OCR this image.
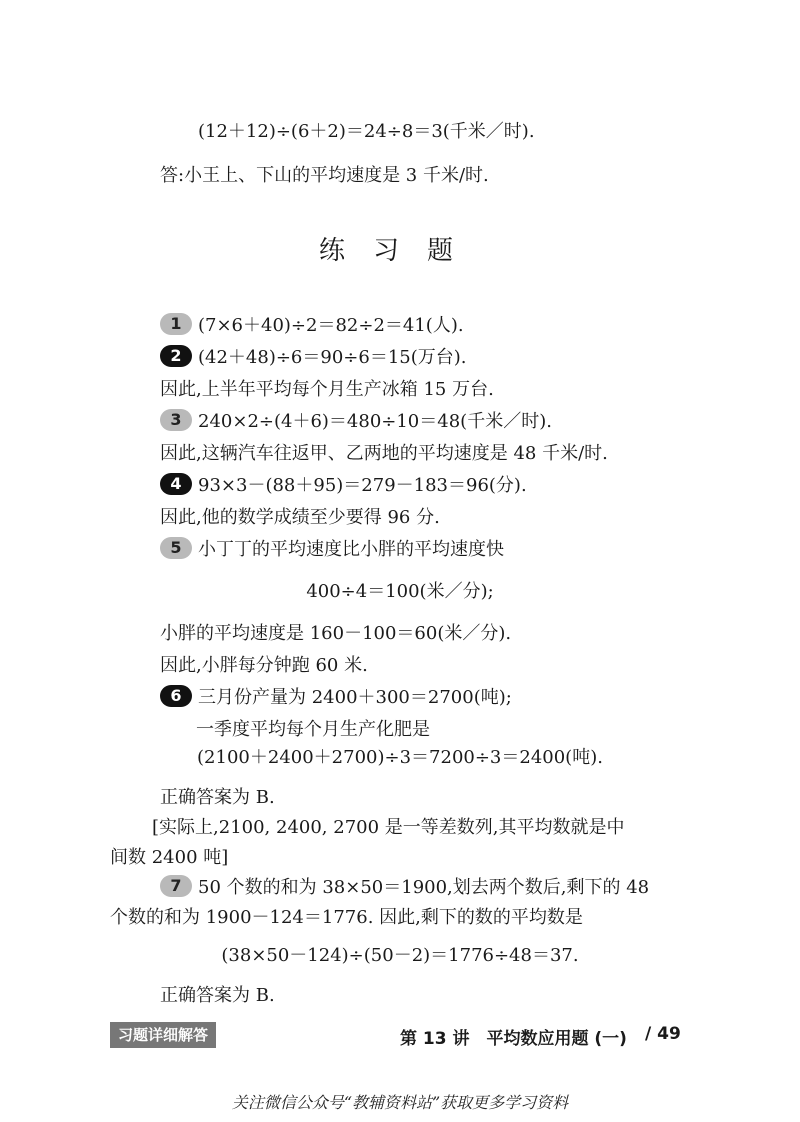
(12＋12)÷(6＋2)＝24÷8＝3(千米／时).
答:小王上、下山的平均速度是 3 千米/时.
练习题
1 (7×6＋40)÷2＝82÷2＝41(人).
2 (42＋48)÷6＝90÷6＝15(万台).
因此,上半年平均每个月生产冰箱 15 万台.
3 240×2÷(4＋6)＝480÷10＝48(千米／时).
因此,这辆汽车往返甲、乙两地的平均速度是 48 千米/时.
4 93×3－(88＋95)＝279－183＝96(分).
因此,他的数学成绩至少要得 96 分.
5 小丁丁的平均速度比小胖的平均速度快
400÷4＝100(米／分);
小胖的平均速度是 160－100＝60(米／分).
因此,小胖每分钟跑 60 米.
6 三月份产量为 2400＋300＝2700(吨);
一季度平均每个月生产化肥是
(2100＋2400＋2700)÷3＝7200÷3＝2400(吨).
正确答案为 B.
[实际上,2100, 2400, 2700 是一等差数列,其平均数就是中
间数 2400 吨]
7 50 个数的和为 38×50＝1900,划去两个数后,剩下的 48
个数的和为 1900－124＝1776. 因此,剩下的数的平均数是
(38×50－124)÷(50－2)＝1776÷48＝37.
习题详细解答	第 13 讲　平均数应用题 (一) / 49
关注微信公众号“教辅资料站”获取更多学习资料
正确答案为 B.
